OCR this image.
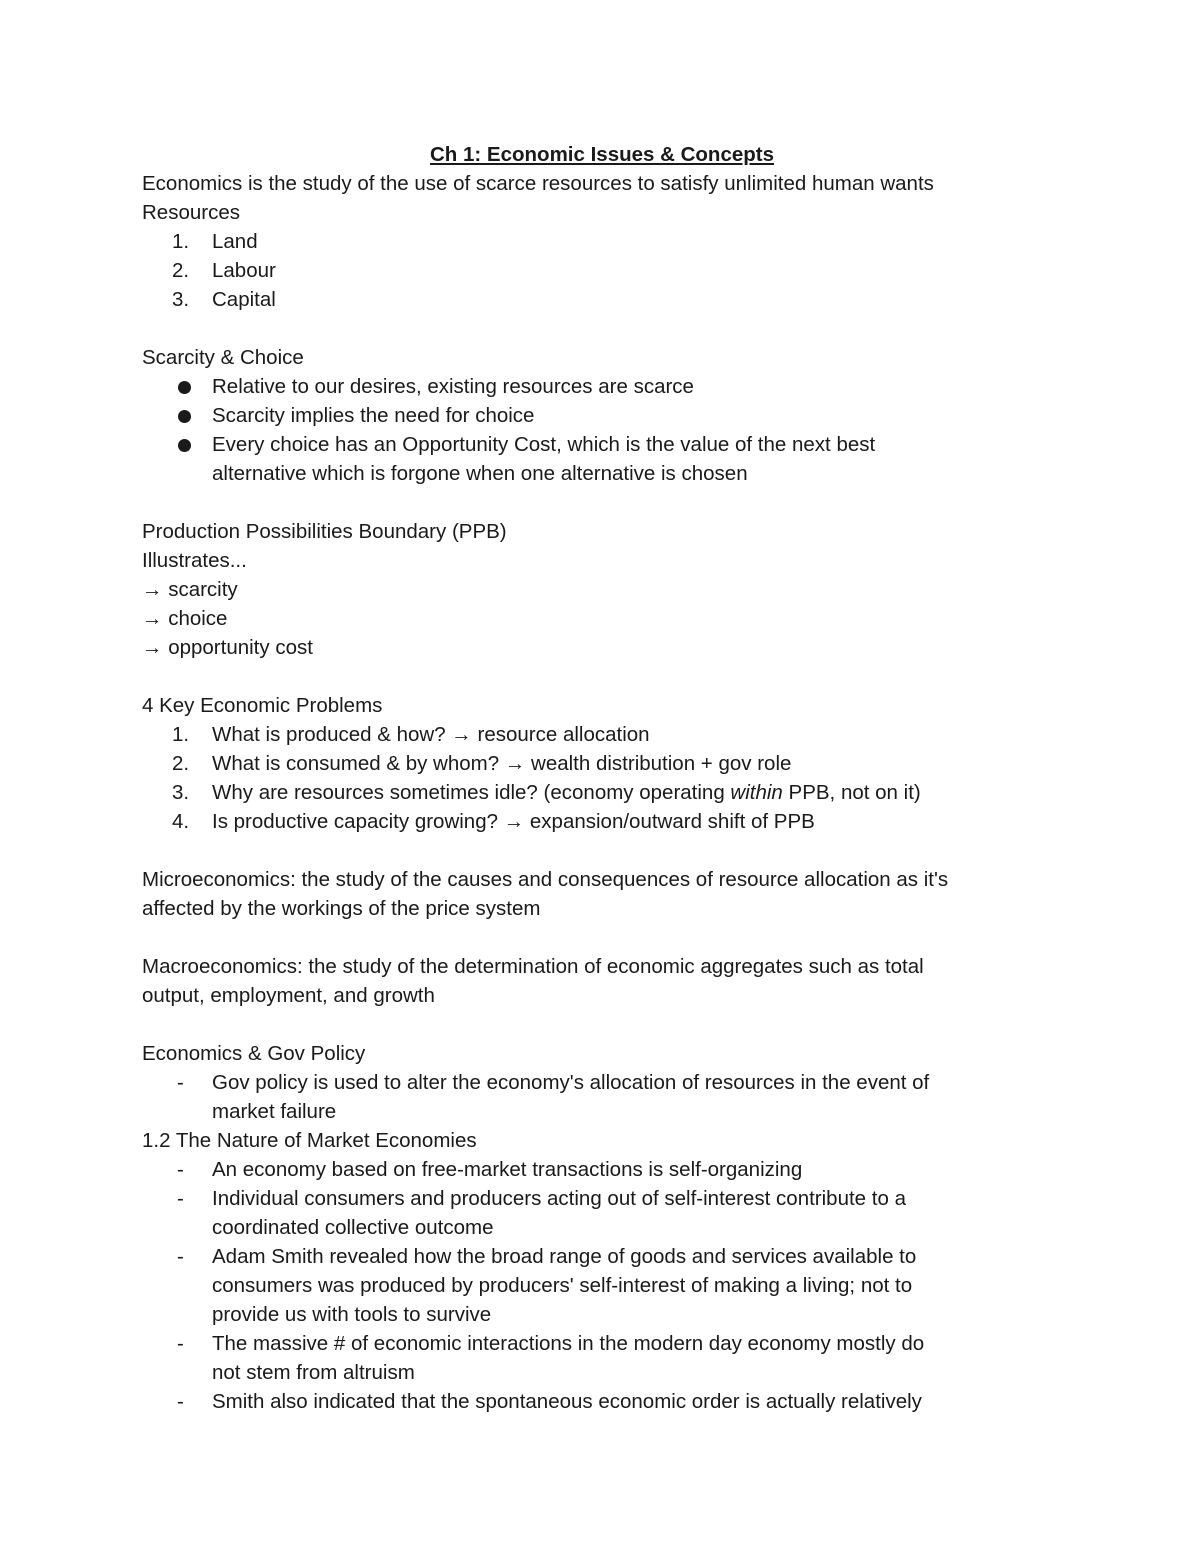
Ch 1: Economic Issues & Concepts

Economics is the study of the use of scarce resources to satisfy unlimited human wants

Resources

1.	Land
2.	Labour
3.	Capital

Scarcity & Choice

Relative to our desires, existing resources are scarce
Scarcity implies the need for choice
Every choice has an Opportunity Cost, which is the value of the next best
alternative which is forgone when one alternative is chosen

Production Possibilities Boundary (PPB)

Illustrates...

→ scarcity

→ choice

→ opportunity cost

4 Key Economic Problems

1.	What is produced & how? → resource allocation
2.	What is consumed & by whom? → wealth distribution + gov role
3.	Why are resources sometimes idle? (economy operating within PPB, not on it)
4.	Is productive capacity growing? → expansion/outward shift of PPB

Microeconomics: the study of the causes and consequences of resource allocation as it's

affected by the workings of the price system

Macroeconomics: the study of the determination of economic aggregates such as total

output, employment, and growth

Economics & Gov Policy

- Gov policy is used to alter the economy's allocation of resources in the event of
market failure

1.2 The Nature of Market Economies

- An economy based on free-market transactions is self-organizing
- Individual consumers and producers acting out of self-interest contribute to a
coordinated collective outcome
- Adam Smith revealed how the broad range of goods and services available to
consumers was produced by producers' self-interest of making a living; not to
provide us with tools to survive
- The massive # of economic interactions in the modern day economy mostly do
not stem from altruism
- Smith also indicated that the spontaneous economic order is actually relatively
